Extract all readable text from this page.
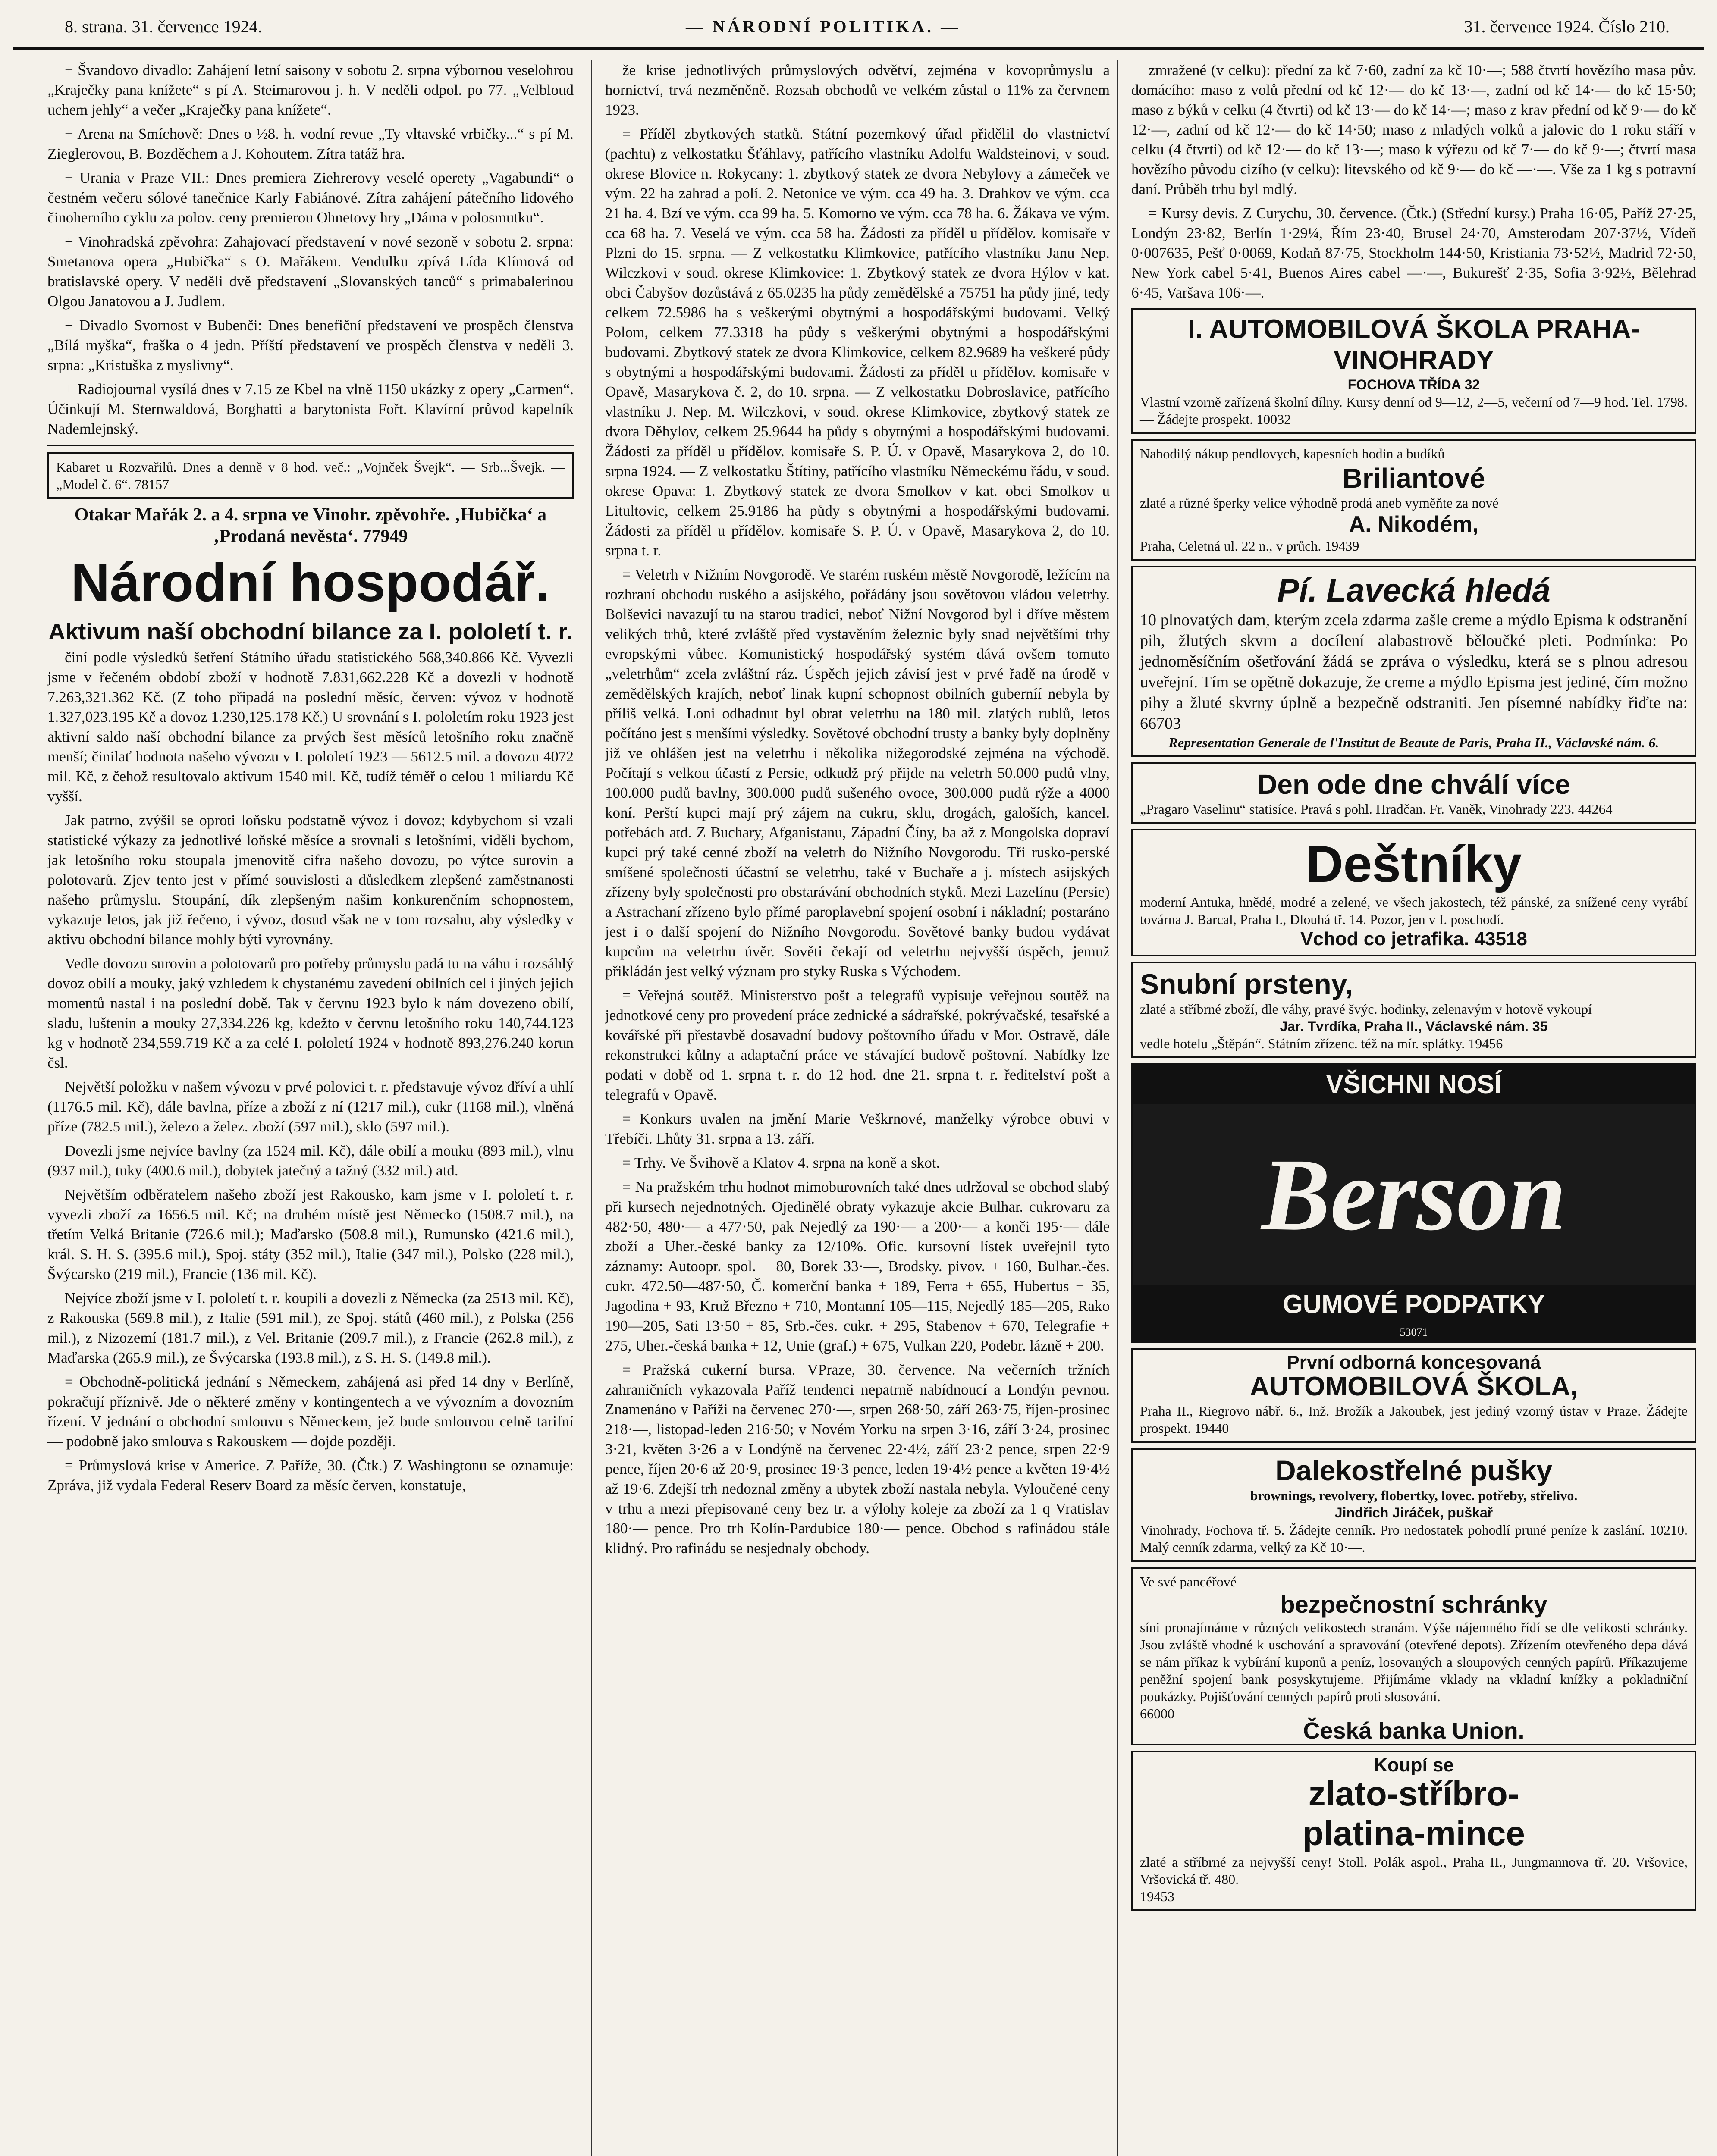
8. strana. 31. července 1924.	— NÁRODNÍ POLITIKA. —	31. července 1924. Číslo 210.

+ Švandovo divadlo: Zahájení letní saisony v sobotu 2. srpna výbornou veselohrou „Kraječky pana knížete“ s pí A. Steimarovou j. h. V neděli odpol. po 77. „Velbloud uchem jehly“ a večer „Kraječky pana knížete“.

+ Arena na Smíchově: Dnes o ½8. h. vodní revue „Ty vltavské vrbičky...“ s pí M. Zieglerovou, B. Bozděchem a J. Kohoutem. Zítra tatáž hra.

+ Urania v Praze VII.: Dnes premiera Ziehrerovy veselé operety „Vagabundi“ o čestném večeru sólové tanečnice Karly Fabiánové. Zítra zahájení pátečního lidového činoherního cyklu za polov. ceny premierou Ohnetovy hry „Dáma v polosmutku“.

+ Vinohradská zpěvohra: Zahajovací představení v nové sezoně v sobotu 2. srpna: Smetanova opera „Hubička“ s O. Mařákem. Vendulku zpívá Lída Klímová od bratislavské opery. V neděli dvě představení „Slovanských tanců“ s primabalerinou Olgou Janatovou a J. Judlem.

+ Divadlo Svornost v Bubenči: Dnes benefiční představení ve prospěch členstva „Bílá myška“, fraška o 4 jedn. Příští představení ve prospěch členstva v neděli 3. srpna: „Kristuška z myslivny“.

+ Radiojournal vysílá dnes v 7.15 ze Kbel na vlně 1150 ukázky z opery „Carmen“. Účinkují M. Sternwaldová, Borghatti a barytonista Fořt. Klavírní průvod kapelník Nademlejnský.

Kabaret u Rozvařilů. Dnes a denně v 8 hod. več.: „Vojnček Švejk“. — Srb...Švejk. — „Model č. 6“. 78157
Otakar Mařák 2. a 4. srpna ve Vinohr. zpěvohře. ‚Hubička‘ a ‚Prodaná nevěsta‘. 77949
Národní hospodář.
Aktivum naší obchodní bilance za I. pololetí t. r.

činí podle výsledků šetření Státního úřadu statistického 568,340.866 Kč. Vyvezli jsme v řečeném období zboží v hodnotě 7.831,662.228 Kč a dovezli v hodnotě 7.263,321.362 Kč. (Z toho připadá na poslední měsíc, červen: vývoz v hodnotě 1.327,023.195 Kč a dovoz 1.230,125.178 Kč.) U srovnání s I. pololetím roku 1923 jest aktivní saldo naší obchodní bilance za prvých šest měsíců letošního roku značně menší; činilať hodnota našeho vývozu v I. pololetí 1923 — 5612.5 mil. a dovozu 4072 mil. Kč, z čehož resultovalo aktivum 1540 mil. Kč, tudíž téměř o celou 1 miliardu Kč vyšší.

Jak patrno, zvýšil se oproti loňsku podstatně vývoz i dovoz; kdybychom si vzali statistické výkazy za jednotlivé loňské měsíce a srovnali s letošními, viděli bychom, jak letošního roku stoupala jmenovitě cifra našeho dovozu, po výtce surovin a polotovarů. Zjev tento jest v přímé souvislosti a důsledkem zlepšené zaměstnanosti našeho průmyslu. Stoupání, dík zlepšeným našim konkurenčním schopnostem, vykazuje letos, jak již řečeno, i vývoz, dosud však ne v tom rozsahu, aby výsledky v aktivu obchodní bilance mohly býti vyrovnány.

Vedle dovozu surovin a polotovarů pro potřeby průmyslu padá tu na váhu i rozsáhlý dovoz obilí a mouky, jaký vzhledem k chystanému zavedení obilních cel i jiných jejich momentů nastal i na poslední době. Tak v červnu 1923 bylo k nám dovezeno obilí, sladu, luštenin a mouky 27,334.226 kg, kdežto v červnu letošního roku 140,744.123 kg v hodnotě 234,559.719 Kč a za celé I. pololetí 1924 v hodnotě 893,276.240 korun čsl.

Největší položku v našem vývozu v prvé polovici t. r. představuje vývoz dříví a uhlí (1176.5 mil. Kč), dále bavlna, příze a zboží z ní (1217 mil.), cukr (1168 mil.), vlněná příze (782.5 mil.), železo a želez. zboží (597 mil.), sklo (597 mil.).

Dovezli jsme nejvíce bavlny (za 1524 mil. Kč), dále obilí a mouku (893 mil.), vlnu (937 mil.), tuky (400.6 mil.), dobytek jatečný a tažný (332 mil.) atd.

Největším odběratelem našeho zboží jest Rakousko, kam jsme v I. pololetí t. r. vyvezli zboží za 1656.5 mil. Kč; na druhém místě jest Německo (1508.7 mil.), na třetím Velká Britanie (726.6 mil.); Maďarsko (508.8 mil.), Rumunsko (421.6 mil.), král. S. H. S. (395.6 mil.), Spoj. státy (352 mil.), Italie (347 mil.), Polsko (228 mil.), Švýcarsko (219 mil.), Francie (136 mil. Kč).

Nejvíce zboží jsme v I. pololetí t. r. koupili a dovezli z Německa (za 2513 mil. Kč), z Rakouska (569.8 mil.), z Italie (591 mil.), ze Spoj. států (460 mil.), z Polska (256 mil.), z Nizozemí (181.7 mil.), z Vel. Britanie (209.7 mil.), z Francie (262.8 mil.), z Maďarska (265.9 mil.), ze Švýcarska (193.8 mil.), z S. H. S. (149.8 mil.).

= Obchodně-politická jednání s Německem, zahájená asi před 14 dny v Berlíně, pokračují příznivě. Jde o některé změny v kontingentech a ve vývozním a dovozním řízení. V jednání o obchodní smlouvu s Německem, jež bude smlouvou celně tarifní — podobně jako smlouva s Rakouskem — dojde později.

= Průmyslová krise v Americe. Z Paříže, 30. (Čtk.) Z Washingtonu se oznamuje: Zpráva, již vydala Federal Reserv Board za měsíc červen, konstatuje,

že krise jednotlivých průmyslových odvětví, zejména v kovoprůmyslu a hornictví, trvá nezměněně. Rozsah obchodů ve velkém zůstal o 11% za červnem 1923.

= Příděl zbytkových statků. Státní pozemkový úřad přidělil do vlastnictví (pachtu) z velkostatku Šťáhlavy, patřícího vlastníku Adolfu Waldsteinovi, v soud. okrese Blovice n. Rokycany: 1. zbytkový statek ze dvora Nebylovy a zámeček ve vým. 22 ha zahrad a polí. 2. Netonice ve vým. cca 49 ha. 3. Drahkov ve vým. cca 21 ha. 4. Bzí ve vým. cca 99 ha. 5. Komorno ve vým. cca 78 ha. 6. Žákava ve vým. cca 68 ha. 7. Veselá ve vým. cca 58 ha. Žádosti za příděl u přídělov. komisaře v Plzni do 15. srpna. — Z velkostatku Klimkovice, patřícího vlastníku Janu Nep. Wilczkovi v soud. okrese Klimkovice: 1. Zbytkový statek ze dvora Hýlov v kat. obci Čabyšov dozůstává z 65.0235 ha půdy zemědělské a 75751 ha půdy jiné, tedy celkem 72.5986 ha s veškerými obytnými a hospodářskými budovami. Velký Polom, celkem 77.3318 ha půdy s veškerými obytnými a hospodářskými budovami. Zbytkový statek ze dvora Klimkovice, celkem 82.9689 ha veškeré půdy s obytnými a hospodářskými budovami. Žádosti za příděl u přídělov. komisaře v Opavě, Masarykova č. 2, do 10. srpna. — Z velkostatku Dobroslavice, patřícího vlastníku J. Nep. M. Wilczkovi, v soud. okrese Klimkovice, zbytkový statek ze dvora Děhylov, celkem 25.9644 ha půdy s obytnými a hospodářskými budovami. Žádosti za příděl u přídělov. komisaře S. P. Ú. v Opavě, Masarykova 2, do 10. srpna 1924. — Z velkostatku Štítiny, patřícího vlastníku Německému řádu, v soud. okrese Opava: 1. Zbytkový statek ze dvora Smolkov v kat. obci Smolkov u Litultovic, celkem 25.9186 ha půdy s obytnými a hospodářskými budovami. Žádosti za příděl u přídělov. komisaře S. P. Ú. v Opavě, Masarykova 2, do 10. srpna t. r.

= Veletrh v Nižním Novgorodě. Ve starém ruském městě Novgorodě, ležícím na rozhraní obchodu ruského a asijského, pořádány jsou sovětovou vládou veletrhy. Bolševici navazují tu na starou tradici, neboť Nižní Novgorod byl i dříve městem velikých trhů, které zvláště před vystavěním železnic byly snad největšími trhy evropskými vůbec. Komunistický hospodářský systém dává ovšem tomuto „veletrhům“ zcela zvláštní ráz. Úspěch jejich závisí jest v prvé řadě na úrodě v zemědělských krajích, neboť linak kupní schopnost obilních guberníí nebyla by příliš velká. Loni odhadnut byl obrat veletrhu na 180 mil. zlatých rublů, letos počítáno jest s menšími výsledky. Sovětové obchodní trusty a banky byly doplněny již ve ohlášen jest na veletrhu i několika nižegorodské zejména na východě. Počítají s velkou účastí z Persie, odkudž prý přijde na veletrh 50.000 pudů vlny, 100.000 pudů bavlny, 300.000 pudů sušeného ovoce, 300.000 pudů rýže a 4000 koní. Perští kupci mají prý zájem na cukru, sklu, drogách, galoších, kancel. potřebách atd. Z Buchary, Afganistanu, Západní Číny, ba až z Mongolska dopraví kupci prý také cenné zboží na veletrh do Nižního Novgorodu. Tři rusko-perské smíšené společnosti účastní se veletrhu, také v Buchaře a j. místech asijských zřízeny byly společnosti pro obstarávání obchodních styků. Mezi Lazelínu (Persie) a Astrachaní zřízeno bylo přímé paroplavební spojení osobní i nákladní; postaráno jest i o další spojení do Nižního Novgorodu. Sovětové banky budou vydávat kupcům na veletrhu úvěr. Sověti čekají od veletrhu nejvyšší úspěch, jemuž přikládán jest velký význam pro styky Ruska s Východem.

= Veřejná soutěž. Ministerstvo pošt a telegrafů vypisuje veřejnou soutěž na jednotkové ceny pro provedení práce zednické a sádrařské, pokrývačské, tesařské a kovářské při přestavbě dosavadní budovy poštovního úřadu v Mor. Ostravě, dále rekonstrukci kůlny a adaptační práce ve stávající budově poštovní. Nabídky lze podati v době od 1. srpna t. r. do 12 hod. dne 21. srpna t. r. ředitelství pošt a telegrafů v Opavě.

= Konkurs uvalen na jmění Marie Veškrnové, manželky výrobce obuvi v Třebíči. Lhůty 31. srpna a 13. září.

= Trhy. Ve Švihově a Klatov 4. srpna na koně a skot.

= Na pražském trhu hodnot mimoburovních také dnes udržoval se obchod slabý při kursech nejednotných. Ojedinělé obraty vykazuje akcie Bulhar. cukrovaru za 482·50, 480·— a 477·50, pak Nejedlý za 190·— a 200·— a konči 195·— dále zboží a Uher.-české banky za 12/10%. Ofic. kursovní lístek uveřejnil tyto záznamy: Autoopr. spol. + 80, Borek 33·—, Brodsky. pivov. + 160, Bulhar.-čes. cukr. 472.50—487·50, Č. komerční banka + 189, Ferra + 655, Hubertus + 35, Jagodina + 93, Kruž Březno + 710, Montanní 105—115, Nejedlý 185—205, Rako 190—205, Sati 13·50 + 85, Srb.-čes. cukr. + 295, Stabenov + 670, Telegrafie + 275, Uher.-česká banka + 12, Unie (graf.) + 675, Vulkan 220, Podebr. lázně + 200.

= Pražská cukerní bursa. VPraze, 30. července. Na večerních tržních zahraničních vykazovala Paříž tendenci nepatrně nabídnoucí a Londýn pevnou. Znamenáno v Paříži na červenec 270·—, srpen 268·50, září 263·75, říjen-prosinec 218·—, listopad-leden 216·50; v Novém Yorku na srpen 3·16, září 3·24, prosinec 3·21, květen 3·26 a v Londýně na červenec 22·4½, září 23·2 pence, srpen 22·9 pence, říjen 20·6 až 20·9, prosinec 19·3 pence, leden 19·4½ pence a květen 19·4½ až 19·6. Zdejší trh nedoznal změny a ubytek zboží nastala nebyla. Vyloučené ceny v trhu a mezi přepisované ceny bez tr. a výlohy koleje za zboží za 1 q Vratislav 180·— pence. Pro trh Kolín-Pardubice 180·— pence. Obchod s rafinádou stále klidný. Pro rafinádu se nesjednaly obchody.

zmražené (v celku): přední za kč 7·60, zadní za kč 10·—; 588 čtvrtí hovězího masa pův. domácího: maso z volů přední od kč 12·— do kč 13·—, zadní od kč 14·— do kč 15·50; maso z býků v celku (4 čtvrti) od kč 13·— do kč 14·—; maso z krav přední od kč 9·— do kč 12·—, zadní od kč 12·— do kč 14·50; maso z mladých volků a jalovic do 1 roku stáří v celku (4 čtvrti) od kč 12·— do kč 13·—; maso k výřezu od kč 7·— do kč 9·—; čtvrtí masa hovězího původu cizího (v celku): litevského od kč 9·— do kč —·—. Vše za 1 kg s potravní daní. Průběh trhu byl mdlý.

= Kursy devis. Z Curychu, 30. července. (Čtk.) (Střední kursy.) Praha 16·05, Paříž 27·25, Londýn 23·82, Berlín 1·29¼, Řím 23·40, Brusel 24·70, Amsterodam 207·37½, Vídeň 0·007635, Pešť 0·0069, Kodaň 87·75, Stockholm 144·50, Kristiania 73·52½, Madrid 72·50, New York cabel 5·41, Buenos Aires cabel —·—, Bukurešť 2·35, Sofia 3·92½, Bělehrad 6·45, Varšava 106·—.

I. AUTOMOBILOVÁ ŠKOLA PRAHA-VINOHRADY
FOCHOVA TŘÍDA 32
Vlastní vzorně zařízená školní dílny. Kursy denní od 9—12, 2—5, večerní od 7—9 hod. Tel. 1798. — Žádejte prospekt. 10032
Nahodilý nákup pendlovych, kapesních hodin a budíků
Briliantové
zlaté a různé šperky velice výhodně prodá aneb vyměňte za nové
A. Nikodém,
Praha, Celetná ul. 22 n., v průch. 19439
Pí. Lavecká hledá
10 plnovatých dam, kterým zcela zdarma zašle creme a mýdlo Episma k odstranění pih, žlutých skvrn a docílení alabastrově běloučké pleti. Podmínka: Po jednoměsíčním ošetřování žádá se zpráva o výsledku, která se s plnou adresou uveřejní. Tím se opětně dokazuje, že creme a mýdlo Episma jest jediné, čím možno pihy a žluté skvrny úplně a bezpečně odstraniti. Jen písemné nabídky řiďte na: 66703
Representation Generale de l'Institut de Beaute de Paris, Praha II., Václavské nám. 6.
Den ode dne chválí více
„Pragaro Vaselinu“ statisíce. Pravá s pohl. Hradčan. Fr. Vaněk, Vinohrady 223. 44264
Deštníky
moderní Antuka, hnědé, modré a zelené, ve všech jakostech, též pánské, za snížené ceny vyrábí továrna J. Barcal, Praha I., Dlouhá tř. 14. Pozor, jen v I. poschodí.
Vchod co jetrafika. 43518
Snubní prsteny,
zlaté a stříbrné zboží, dle váhy, pravé švýc. hodinky, zelenavým v hotově vykoupí
Jar. Tvrdíka, Praha II., Václavské nám. 35
vedle hotelu „Štěpán“. Státním zřízenc. též na mír. splátky. 19456
VŠICHNI NOSÍ
Berson
GUMOVÉ PODPATKY
53071
První odborná koncesovaná
AUTOMOBILOVÁ ŠKOLA,
Praha II., Riegrovo nábř. 6., Inž. Brožík a Jakoubek, jest jediný vzorný ústav v Praze. Žádejte prospekt. 19440
Dalekostřelné pušky
brownings, revolvery, flobertky, lovec. potřeby, střelivo.
Jindřich Jiráček, puškař
Vinohrady, Fochova tř. 5. Žádejte cenník. Pro nedostatek pohodlí pruné peníze k zaslání. 10210. Malý cenník zdarma, velký za Kč 10·—.
Ve své pancéřové
bezpečnostní schránky
síni pronajímáme v různých velikostech stranám. Výše nájemného řídí se dle velikosti schránky. Jsou zvláště vhodné k uschování a spravování (otevřené depots). Zřízením otevřeného depa dává se nám příkaz k vybírání kuponů a peníz, losovaných a sloupových cenných papírů. Příkazujeme peněžní spojení bank posyskytujeme. Přijímáme vklady na vkladní knížky a pokladniční poukázky. Pojišťování cenných papírů proti slosování.
66000
Česká banka Union.
Koupí se
zlato-stříbro-
platina-mince
zlaté a stříbrné za nejvyšší ceny! Stoll. Polák aspol., Praha II., Jungmannova tř. 20. Vršovice, Vršovická tř. 480.
19453
